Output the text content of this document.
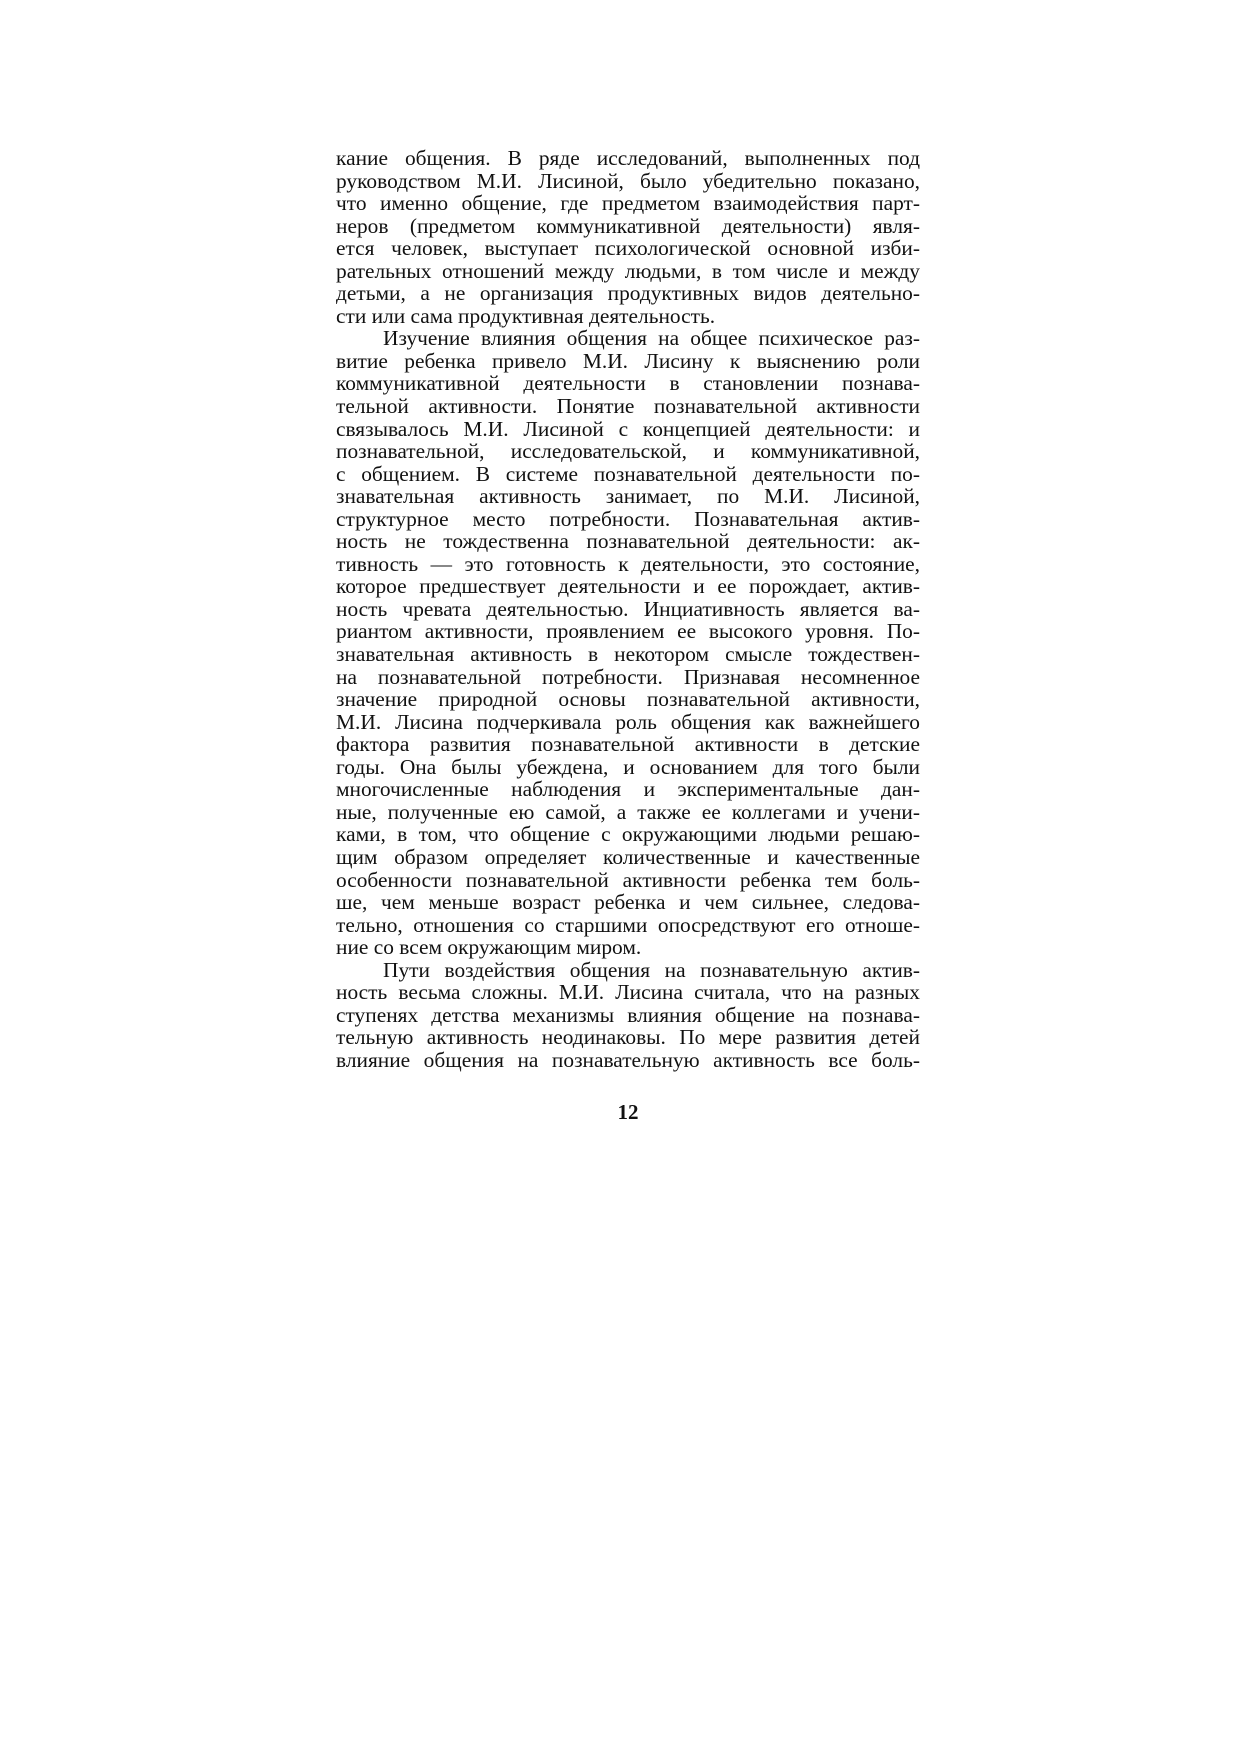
кание общения. В ряде исследований, выполненных под
руководством М.И. Лисиной, было убедительно показано,
что именно общение, где предметом взаимодействия парт-
неров (предметом коммуникативной деятельности) явля-
ется человек, выступает психологической основной изби-
рательных отношений между людьми, в том числе и между
детьми, а не организация продуктивных видов деятельно-
сти или сама продуктивная деятельность.
Изучение влияния общения на общее психическое раз-
витие ребенка привело М.И. Лисину к выяснению роли
коммуникативной деятельности в становлении познава-
тельной активности. Понятие познавательной активности
связывалось М.И. Лисиной с концепцией деятельности: и
познавательной, исследовательской, и коммуникативной,
с общением. В системе познавательной деятельности по-
знавательная активность занимает, по М.И. Лисиной,
структурное место потребности. Познавательная актив-
ность не тождественна познавательной деятельности: ак-
тивность — это готовность к деятельности, это состояние,
которое предшествует деятельности и ее порождает, актив-
ность чревата деятельностью. Инциативность является ва-
риантом активности, проявлением ее высокого уровня. По-
знавательная активность в некотором смысле тождествен-
на познавательной потребности. Признавая несомненное
значение природной основы познавательной активности,
М.И. Лисина подчеркивала роль общения как важнейшего
фактора развития познавательной активности в детские
годы. Она былы убеждена, и основанием для того были
многочисленные наблюдения и экспериментальные дан-
ные, полученные ею самой, а также ее коллегами и учени-
ками, в том, что общение с окружающими людьми решаю-
щим образом определяет количественные и качественные
особенности познавательной активности ребенка тем боль-
ше, чем меньше возраст ребенка и чем сильнее, следова-
тельно, отношения со старшими опосредствуют его отноше-
ние со всем окружающим миром.
Пути воздействия общения на познавательную актив-
ность весьма сложны. М.И. Лисина считала, что на разных
ступенях детства механизмы влияния общение на познава-
тельную активность неодинаковы. По мере развития детей
влияние общения на познавательную активность все боль-
12
